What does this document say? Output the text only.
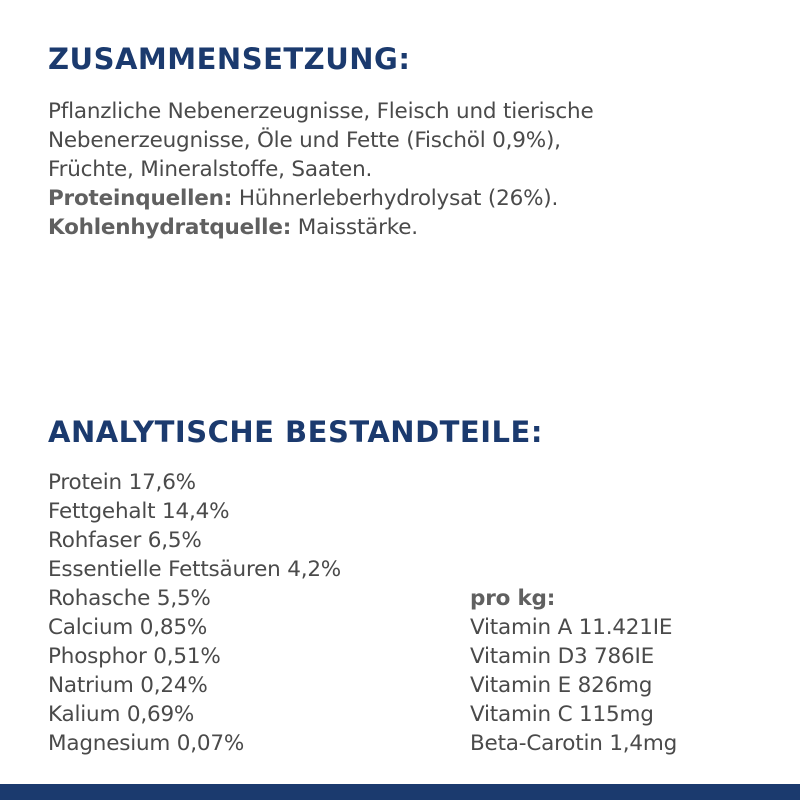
ZUSAMMENSETZUNG:

Pflanzliche Nebenerzeugnisse, Fleisch und tierische

Nebenerzeugnisse, Öle und Fette (Fischöl 0,9%),

Früchte, Mineralstoffe, Saaten.

Proteinquellen: Hühnerleberhydrolysat (26%).

Kohlenhydratquelle: Maisstärke.

ANALYTISCHE BESTANDTEILE:
Protein 17,6%
Fettgehalt 14,4%
Rohfaser 6,5%
Essentielle Fettsäuren 4,2%
Rohasche 5,5%
Calcium 0,85%
Phosphor 0,51%
Natrium 0,24%
Kalium 0,69%
Magnesium 0,07%
pro kg:
Vitamin A 11.421IE
Vitamin D3 786IE
Vitamin E 826mg
Vitamin C 115mg
Beta-Carotin 1,4mg
